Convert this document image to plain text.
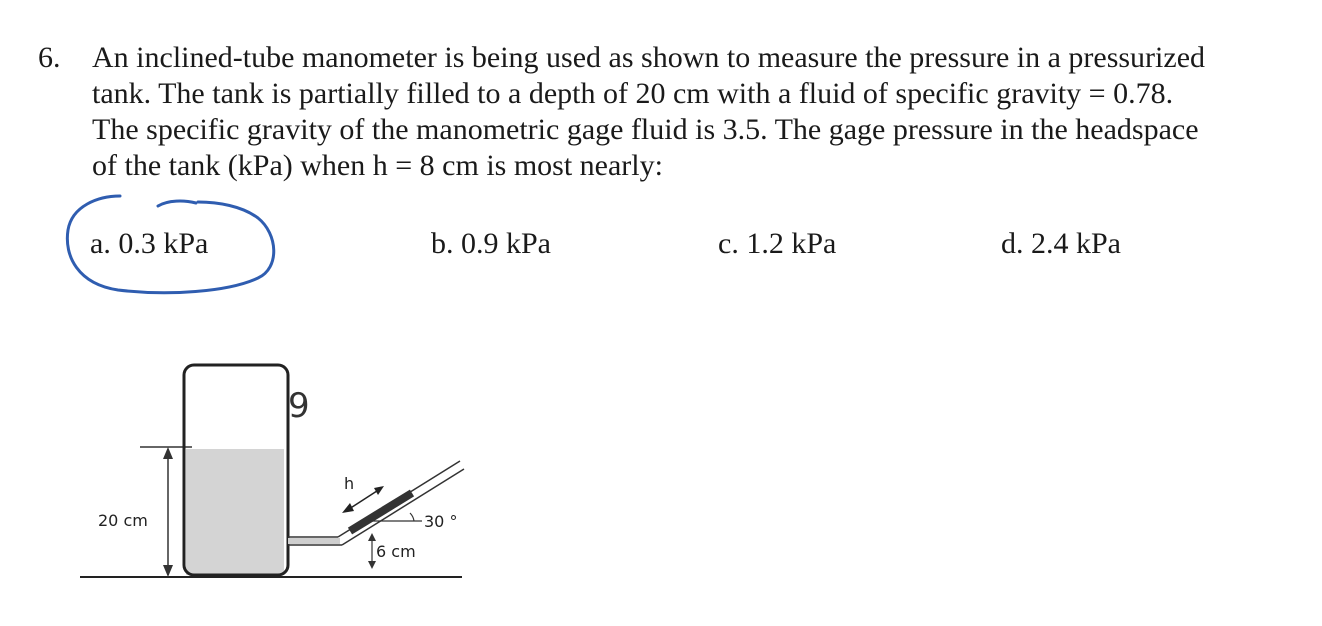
6. An inclined-tube manometer is being used as shown to measure the pressure in a pressurized
tank. The tank is partially filled to a depth of 20 cm with a fluid of specific gravity = 0.78.
The specific gravity of the manometric gage fluid is 3.5. The gage pressure in the headspace
of the tank (kPa) when h = 8 cm is most nearly:
a. 0.3 kPa	b. 0.9 kPa	c. 1.2 kPa	d. 2.4 kPa
20 cm
9
h
30 °
6 cm
